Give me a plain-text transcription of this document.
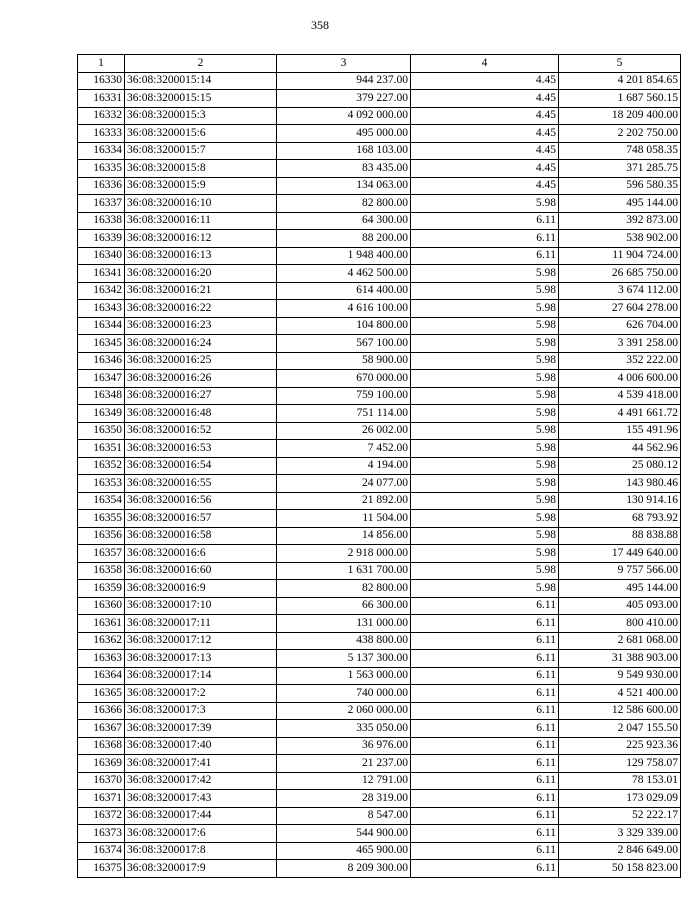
358
1	2	3	4	5
16330	36:08:3200015:14	944 237.00	4.45	4 201 854.65
16331	36:08:3200015:15	379 227.00	4.45	1 687 560.15
16332	36:08:3200015:3	4 092 000.00	4.45	18 209 400.00
16333	36:08:3200015:6	495 000.00	4.45	2 202 750.00
16334	36:08:3200015:7	168 103.00	4.45	748 058.35
16335	36:08:3200015:8	83 435.00	4.45	371 285.75
16336	36:08:3200015:9	134 063.00	4.45	596 580.35
16337	36:08:3200016:10	82 800.00	5.98	495 144.00
16338	36:08:3200016:11	64 300.00	6.11	392 873.00
16339	36:08:3200016:12	88 200.00	6.11	538 902.00
16340	36:08:3200016:13	1 948 400.00	6.11	11 904 724.00
16341	36:08:3200016:20	4 462 500.00	5.98	26 685 750.00
16342	36:08:3200016:21	614 400.00	5.98	3 674 112.00
16343	36:08:3200016:22	4 616 100.00	5.98	27 604 278.00
16344	36:08:3200016:23	104 800.00	5.98	626 704.00
16345	36:08:3200016:24	567 100.00	5.98	3 391 258.00
16346	36:08:3200016:25	58 900.00	5.98	352 222.00
16347	36:08:3200016:26	670 000.00	5.98	4 006 600.00
16348	36:08:3200016:27	759 100.00	5.98	4 539 418.00
16349	36:08:3200016:48	751 114.00	5.98	4 491 661.72
16350	36:08:3200016:52	26 002.00	5.98	155 491.96
16351	36:08:3200016:53	7 452.00	5.98	44 562.96
16352	36:08:3200016:54	4 194.00	5.98	25 080.12
16353	36:08:3200016:55	24 077.00	5.98	143 980.46
16354	36:08:3200016:56	21 892.00	5.98	130 914.16
16355	36:08:3200016:57	11 504.00	5.98	68 793.92
16356	36:08:3200016:58	14 856.00	5.98	88 838.88
16357	36:08:3200016:6	2 918 000.00	5.98	17 449 640.00
16358	36:08:3200016:60	1 631 700.00	5.98	9 757 566.00
16359	36:08:3200016:9	82 800.00	5.98	495 144.00
16360	36:08:3200017:10	66 300.00	6.11	405 093.00
16361	36:08:3200017:11	131 000.00	6.11	800 410.00
16362	36:08:3200017:12	438 800.00	6.11	2 681 068.00
16363	36:08:3200017:13	5 137 300.00	6.11	31 388 903.00
16364	36:08:3200017:14	1 563 000.00	6.11	9 549 930.00
16365	36:08:3200017:2	740 000.00	6.11	4 521 400.00
16366	36:08:3200017:3	2 060 000.00	6.11	12 586 600.00
16367	36:08:3200017:39	335 050.00	6.11	2 047 155.50
16368	36:08:3200017:40	36 976.00	6.11	225 923.36
16369	36:08:3200017:41	21 237.00	6.11	129 758.07
16370	36:08:3200017:42	12 791.00	6.11	78 153.01
16371	36:08:3200017:43	28 319.00	6.11	173 029.09
16372	36:08:3200017:44	8 547.00	6.11	52 222.17
16373	36:08:3200017:6	544 900.00	6.11	3 329 339.00
16374	36:08:3200017:8	465 900.00	6.11	2 846 649.00
16375	36:08:3200017:9	8 209 300.00	6.11	50 158 823.00
